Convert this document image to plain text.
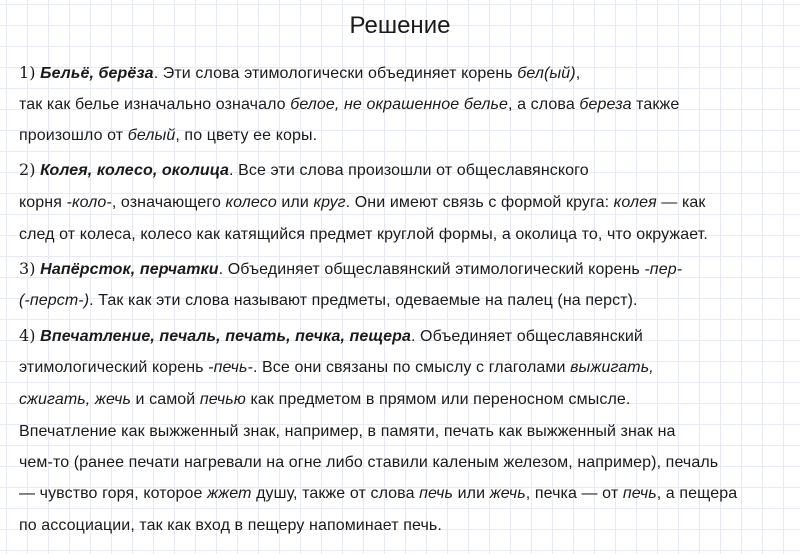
Решение
1) Бельё, берёза. Эти слова этимологически объединяет корень бел(ый),
так как белье изначально означало белое, не окрашенное белье, а слова береза также
произошло от белый, по цвету ее коры.
2) Колея, колесо, околица. Все эти слова произошли от общеславянского
корня -коло-, означающего колесо или круг. Они имеют связь с формой круга: колея — как
след от колеса, колесо как катящийся предмет круглой формы, а околица то, что окружает.
3) Напёрсток, перчатки. Объединяет общеславянский этимологический корень -пер-
(-перст-). Так как эти слова называют предметы, одеваемые на палец (на перст).
4) Впечатление, печаль, печать, печка, пещера. Объединяет общеславянский
этимологический корень -печь-. Все они связаны по смыслу с глаголами выжигать,
сжигать, жечь и самой печью как предметом в прямом или переносном смысле.
Впечатление как выжженный знак, например, в памяти, печать как выжженный знак на
чем-то (ранее печати нагревали на огне либо ставили каленым железом, например), печаль
— чувство горя, которое жжет душу, также от слова печь или жечь, печка — от печь, а пещера
по ассоциации, так как вход в пещеру напоминает печь.
